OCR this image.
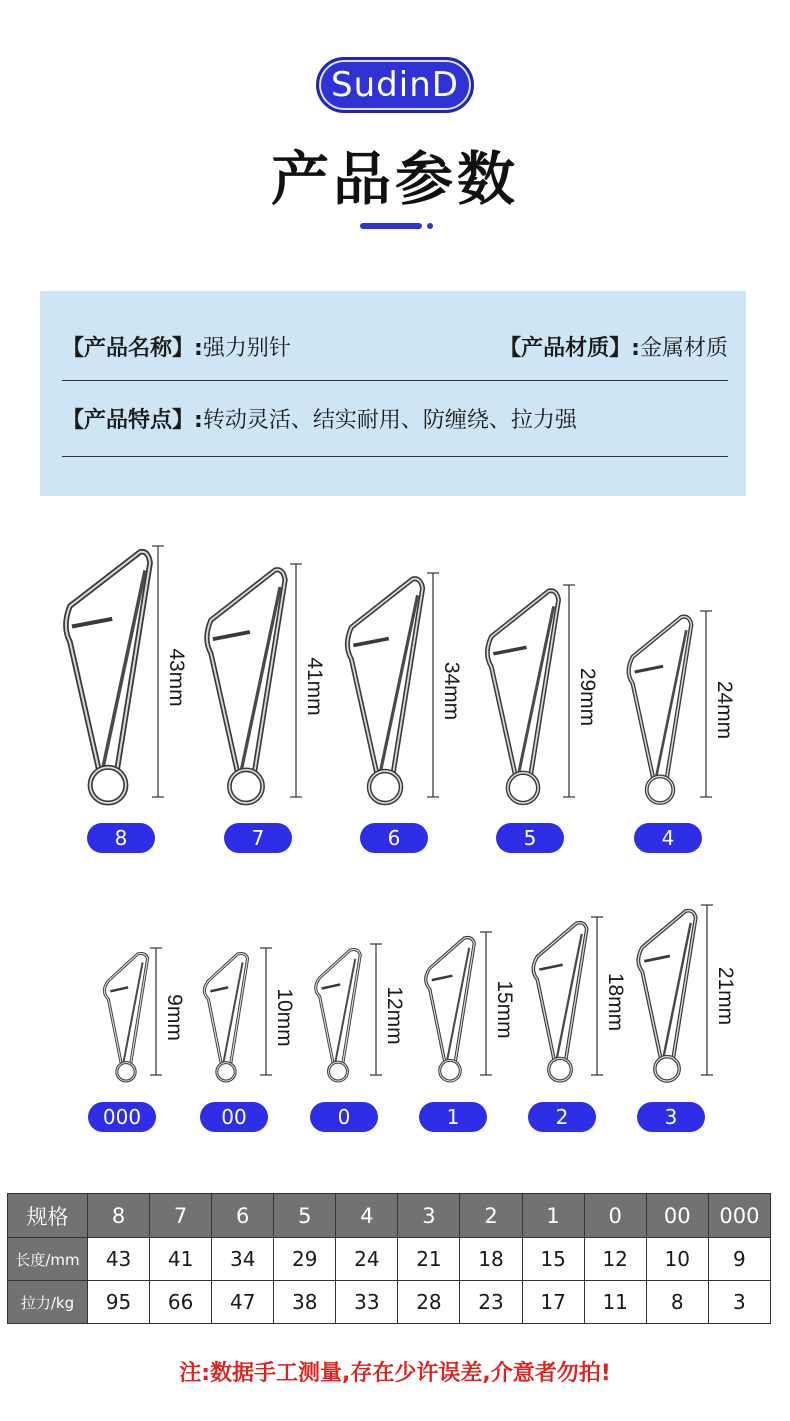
SudinD
产品参数
【产品名称】:强力别针	【产品材质】:金属材质
【产品特点】:转动灵活、结实耐用、防缠绕、拉力强
43mm	41mm	34mm	29mm	24mm
9mm	10mm	12mm	15mm	18mm	21mm
8	7	6	5	4
000	00	0	1	2	3
规格	8	7	6	5	4	3	2	1	0	00	000
长度/mm	43	41	34	29	24	21	18	15	12	10	9
拉力/kg	95	66	47	38	33	28	23	17	11	8	3
注:数据手工测量,存在少许误差,介意者勿拍!
